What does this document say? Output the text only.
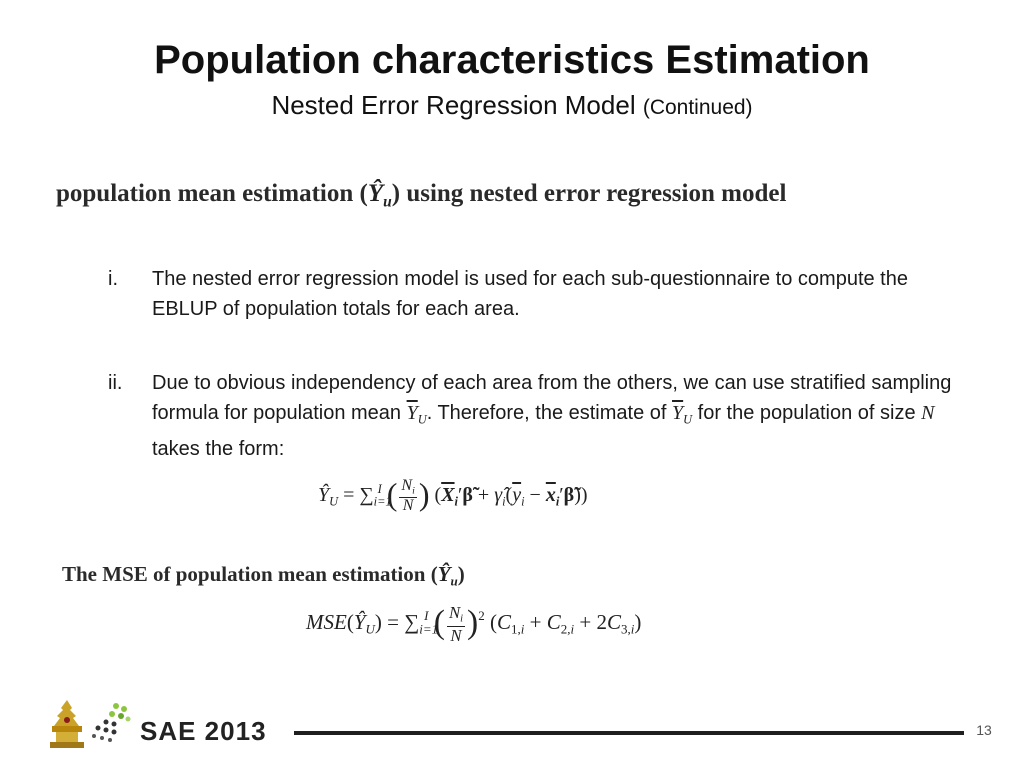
Population characteristics Estimation
Nested Error Regression Model (Continued)
population mean estimation $(Ŷ_u)$ using nested error regression model
i.	The nested error regression model is used for each sub-questionnaire to compute the EBLUP of population totals for each area.
ii.	Due to obvious independency of each area from the others, we can use stratified sampling formula for population mean $\overline{Y}_U$. Therefore, the estimate of $\overline{Y}_U$ for the population of size N  takes the form:
$Ŷ_U = \sum_{i=1}^I$ ( $\frac{N_i}{N}$ ) ($\overline{X}_i'\betã$ + $\gammâ_i(\overline{y}_i$ − $\overline{x}_i'\betã$))
The MSE of population mean estimation $(Ŷ_u)$
$MSE(Ŷ_U) = \sum_{i=1}^I$ ( $\frac{N_i}{N} )^2$ $(C_{1,i} + C_{2,i} + 2C_{3,i})$
SAE 2013	13
